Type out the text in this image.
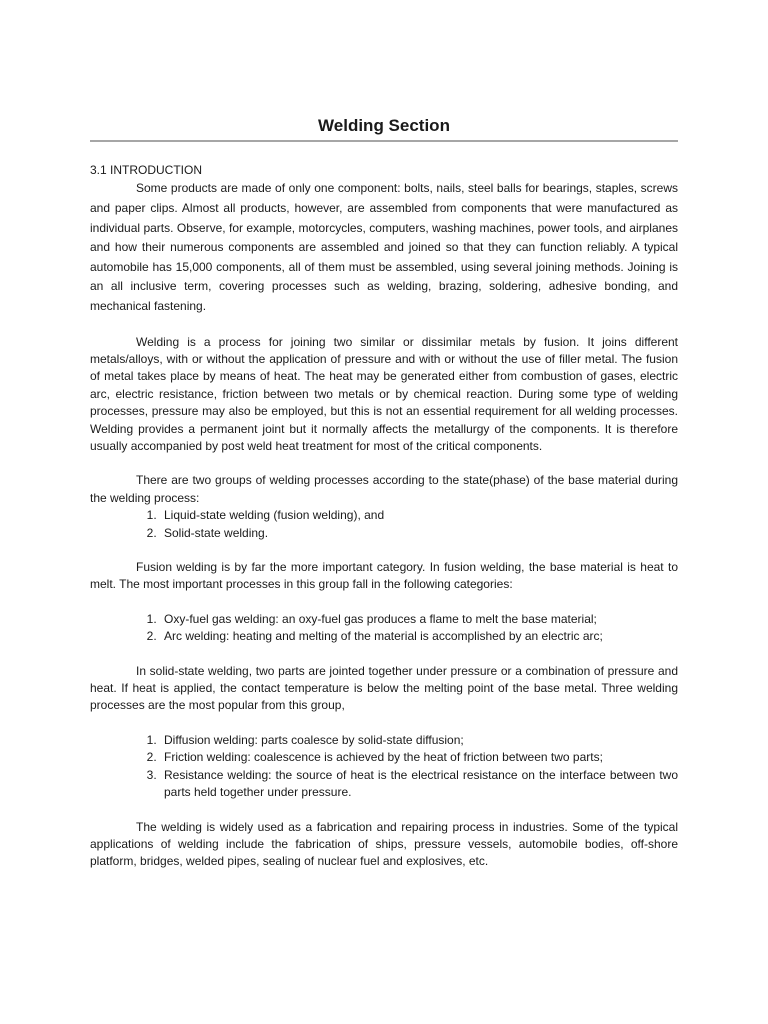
Welding Section

3.1 INTRODUCTION

Some products are made of only one component: bolts, nails, steel balls for bearings, staples, screws and paper clips. Almost all products, however, are assembled from components that were manufactured as individual parts. Observe, for example, motorcycles, computers, washing machines, power tools, and airplanes and how their numerous components are assembled and joined so that they can function reliably. A typical automobile has 15,000 components, all of them must be assembled, using several joining methods. Joining is an all inclusive term, covering processes such as welding, brazing, soldering, adhesive bonding, and mechanical fastening.

Welding is a process for joining two similar or dissimilar metals by fusion. It joins different metals/alloys, with or without the application of pressure and with or without the use of filler metal. The fusion of metal takes place by means of heat. The heat may be generated either from combustion of gases, electric arc, electric resistance, friction between two metals or by chemical reaction. During some type of welding processes, pressure may also be employed, but this is not an essential requirement for all welding processes. Welding provides a permanent joint but it normally affects the metallurgy of the components. It is therefore usually accompanied by post weld heat treatment for most of the critical components.

There are two groups of welding processes according to the state(phase) of the base material during the welding process:

1. Liquid-state welding (fusion welding), and
2. Solid-state welding.

Fusion welding is by far the more important category. In fusion welding, the base material is heat to melt. The most important processes in this group fall in the following categories:

1. Oxy-fuel gas welding: an oxy-fuel gas produces a flame to melt the base material;
2. Arc welding: heating and melting of the material is accomplished by an electric arc;

In solid-state welding, two parts are jointed together under pressure or a combination of pressure and heat. If heat is applied, the contact temperature is below the melting point of the base metal. Three welding processes are the most popular from this group,

1. Diffusion welding: parts coalesce by solid-state diffusion;
2. Friction welding: coalescence is achieved by the heat of friction between two parts;
3. Resistance welding: the source of heat is the electrical resistance on the interface between two parts held together under pressure.

The welding is widely used as a fabrication and repairing process in industries. Some of the typical applications of welding include the fabrication of ships, pressure vessels, automobile bodies, off-shore platform, bridges, welded pipes, sealing of nuclear fuel and explosives, etc.
